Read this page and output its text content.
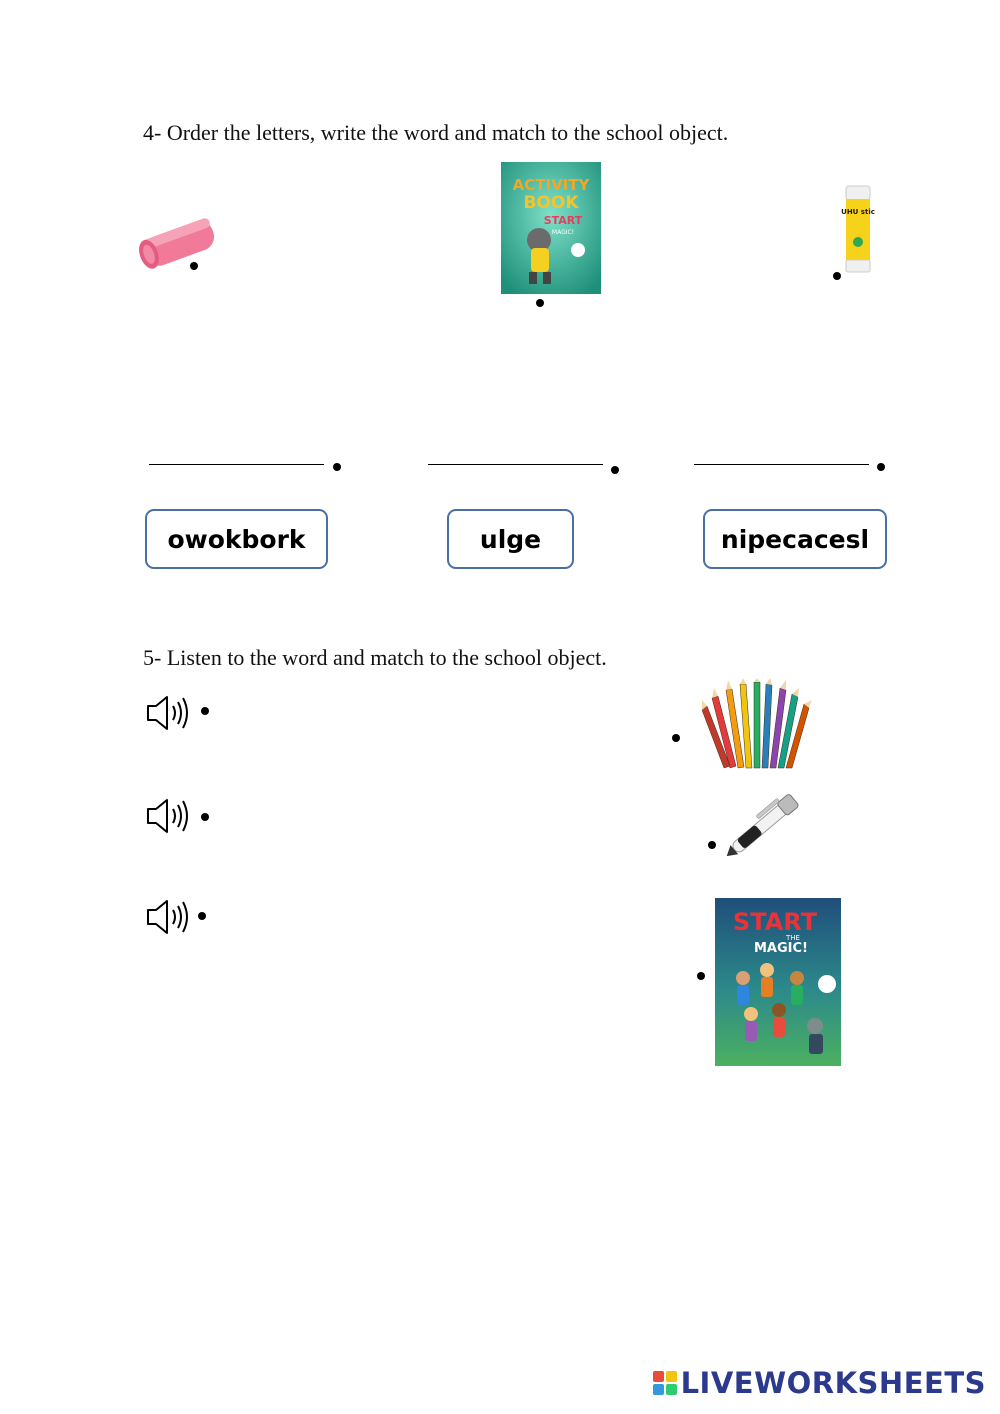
4- Order the letters, write the word and match to the school object.
ACTIVITY
BOOK
START
MAGIC!
UHU stic
owokbork	ulge	nipecacesl
5- Listen to the word and match to the school object.
START
THE
MAGIC!
LIVEWORKSHEETS
